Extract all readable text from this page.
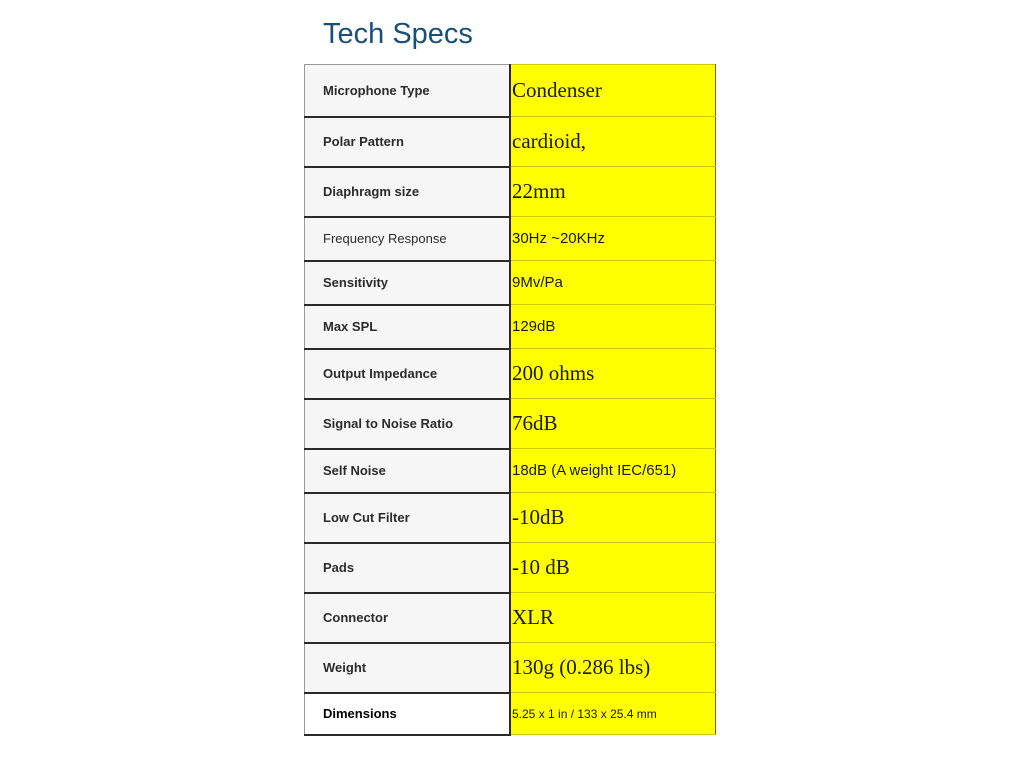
Tech Specs
Microphone Type	Condenser
Polar Pattern	cardioid,
Diaphragm size	22mm
Frequency Response	30Hz ~20KHz
Sensitivity	9Mv/Pa
Max SPL	129dB
Output Impedance	200 ohms
Signal to Noise Ratio	76dB
Self Noise	18dB (A weight IEC/651)
Low Cut Filter	-10dB
Pads	-10 dB
Connector	XLR
Weight	130g (0.286 lbs)
Dimensions	5.25 x 1 in / 133 x 25.4 mm
